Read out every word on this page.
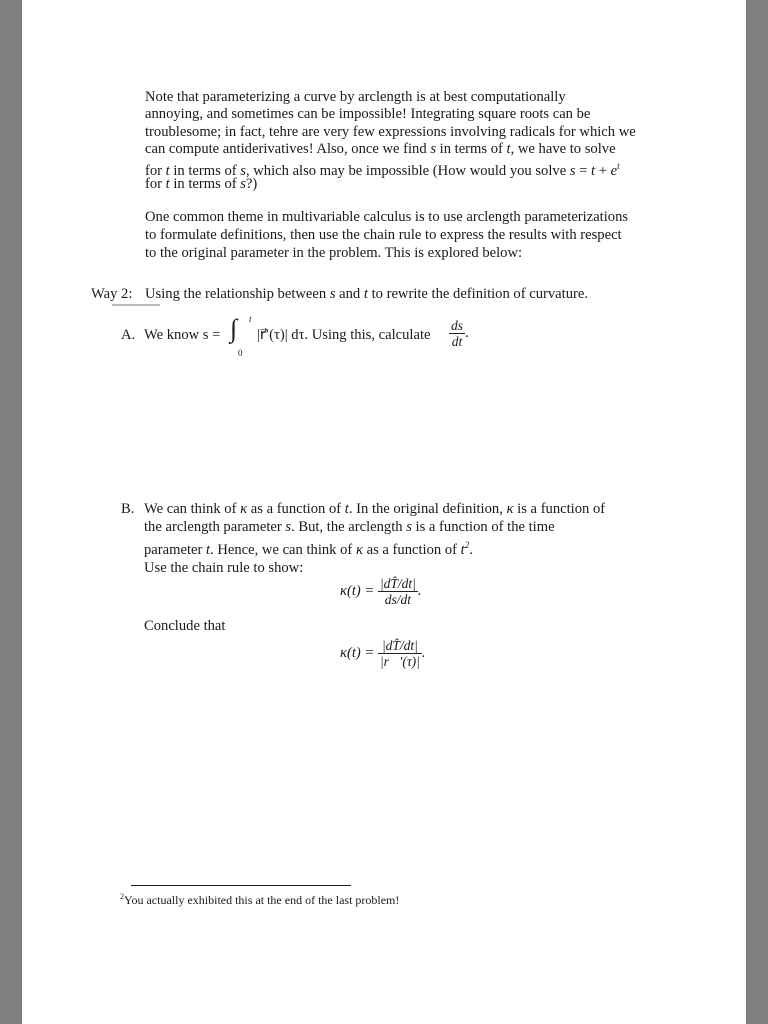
Note that parameterizing a curve by arclength is at best computationally
annoying, and sometimes can be impossible! Integrating square roots can be
troublesome; in fact, tehre are very few expressions involving radicals for which we
can compute antiderivatives! Also, once we find s in terms of t, we have to solve
for t in terms of s, which also may be impossible (How would you solve $s = t + e^t$
for t in terms of s?)
One common theme in multivariable calculus is to use arclength parameterizations
to formulate definitions, then use the chain rule to express the results with respect
to the original parameter in the problem. This is explored below:
Way 2: Using the relationship between s and t to rewrite the definition of curvature.
A. We know s = ∫ t
0
|r⃗′(τ)| dτ. Using this, calculate $\frac{ds}{dt}$ .
B. We can think of κ as a function of t. In the original definition, κ is a function of
the arclength parameter s. But, the arclength s is a function of the time
parameter t. Hence, we can think of κ as a function of $t^2$.
Use the chain rule to show:
$\kappa(t) = \frac{|dT̂/dt|}{ds/dt}$ .
Conclude that
$\kappa(t) = \frac{|dT̂/dt|}{|r⃗'(\tau)|}$ .
$^2$You actually exhibited this at the end of the last problem!
